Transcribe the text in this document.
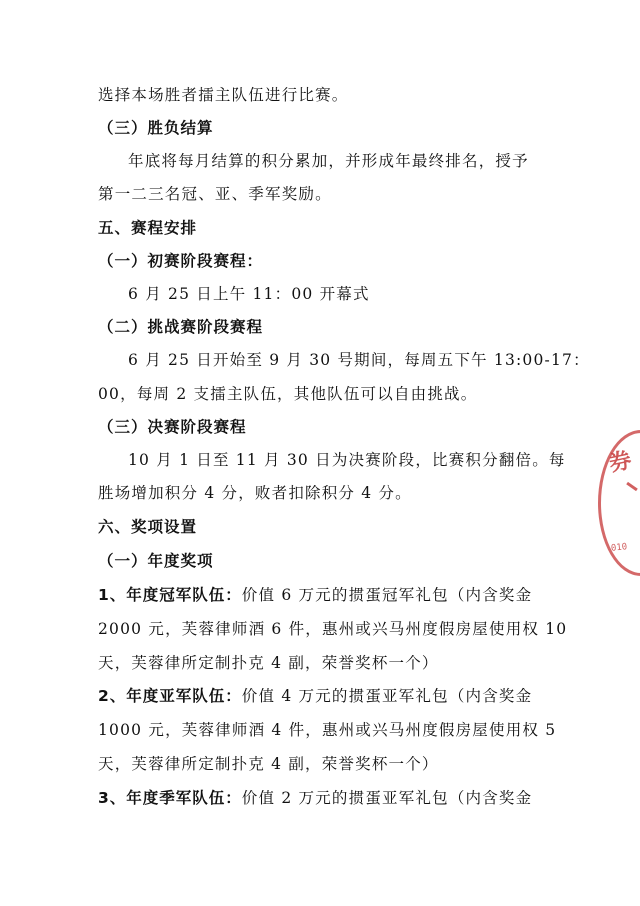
选择本场胜者擂主队伍进行比赛。
（三）胜负结算
年底将每月结算的积分累加，并形成年最终排名，授予
第一二三名冠、亚、季军奖励。
五、赛程安排
（一）初赛阶段赛程：
6 月 25 日上午 11：00 开幕式
（二）挑战赛阶段赛程
6 月 25 日开始至 9 月 30 号期间，每周五下午 13:00-17：
00，每周 2 支擂主队伍，其他队伍可以自由挑战。
（三）决赛阶段赛程
10 月 1 日至 11 月 30 日为决赛阶段，比赛积分翻倍。每
胜场增加积分 4 分，败者扣除积分 4 分。
六、奖项设置
（一）年度奖项
1、年度冠军队伍：价值 6 万元的掼蛋冠军礼包（内含奖金
2000 元，芙蓉律师酒 6 件，惠州或兴马州度假房屋使用权 10
天，芙蓉律所定制扑克 4 副，荣誉奖杯一个）
2、年度亚军队伍：价值 4 万元的掼蛋亚军礼包（内含奖金
1000 元，芙蓉律师酒 4 件，惠州或兴马州度假房屋使用权 5
天，芙蓉律所定制扑克 4 副，荣誉奖杯一个）
3、年度季军队伍：价值 2 万元的掼蛋亚军礼包（内含奖金
券
010
